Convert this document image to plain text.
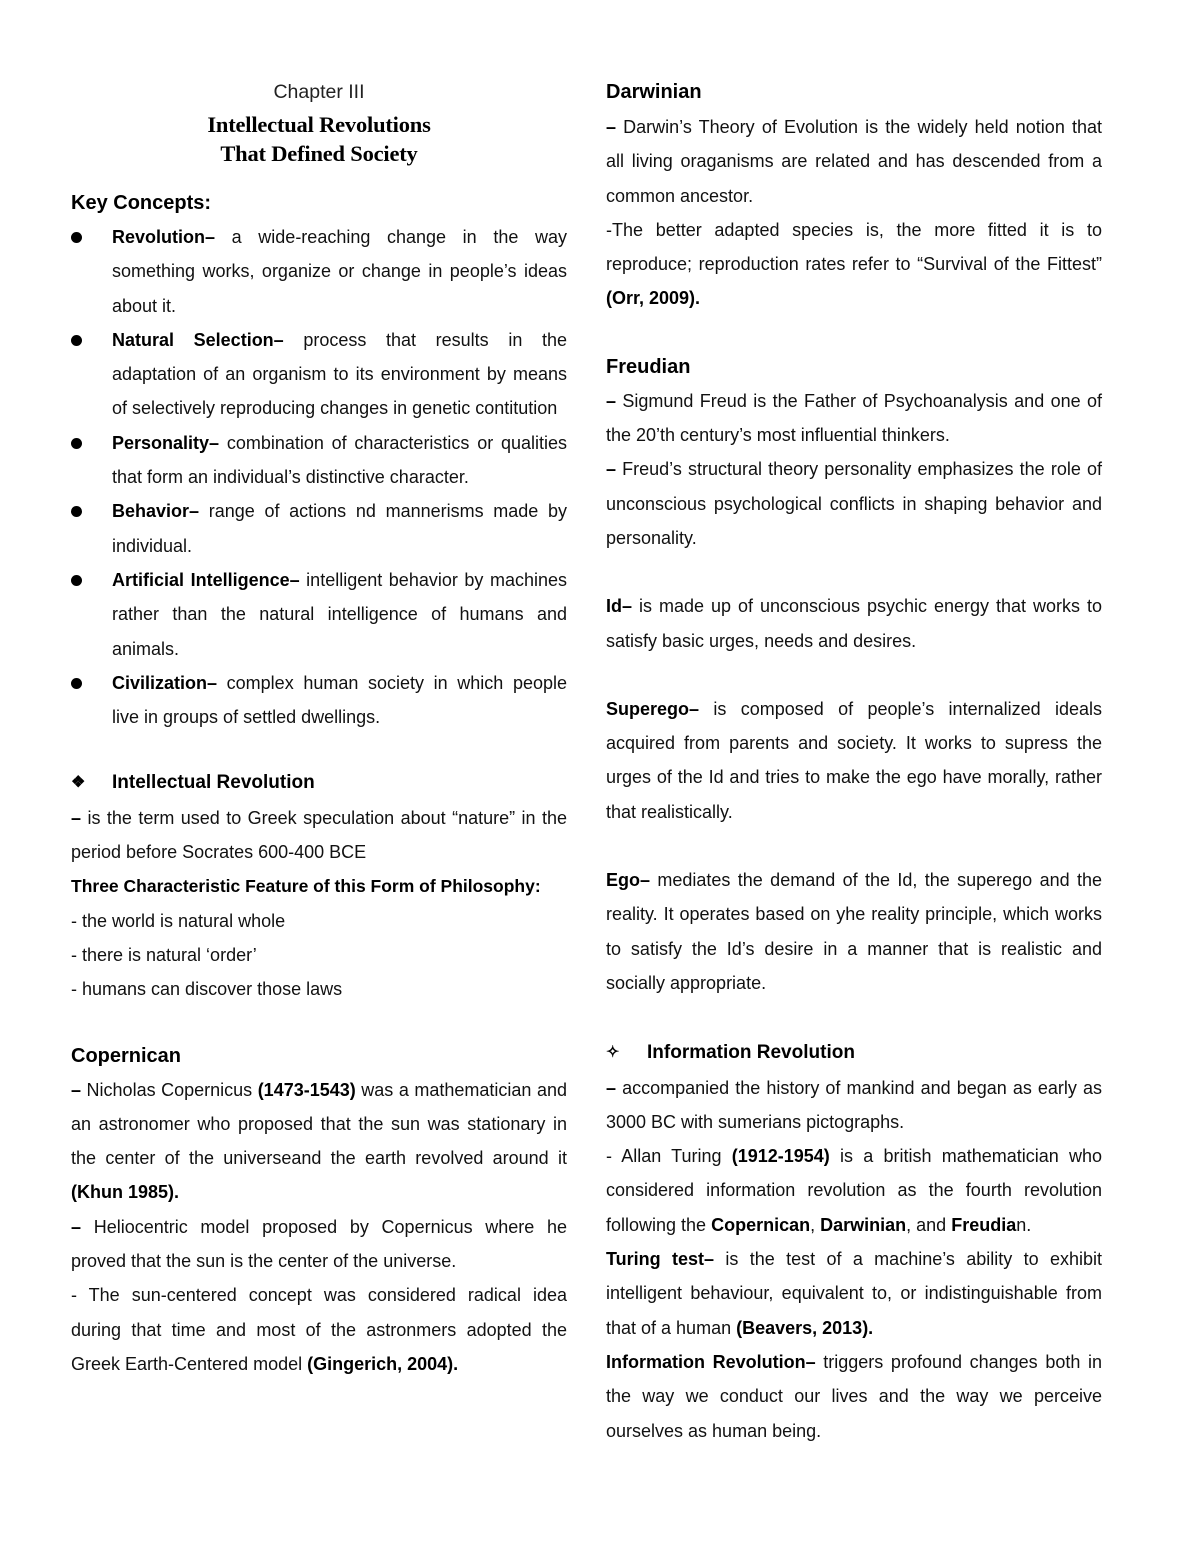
Chapter III
Intellectual Revolutions
That Defined Society
Key Concepts:
Revolution– a wide-reaching change in the way something works, organize or change in people’s ideas about it.
Natural Selection– process that results in the adaptation of an organism to its environment by means of selectively reproducing changes in genetic contitution
Personality– combination of characteristics or qualities that form an individual’s distinctive character.
Behavior– range of actions nd mannerisms made by individual.
Artificial Intelligence– intelligent behavior by machines rather than the natural intelligence of humans and animals.
Civilization– complex human society in which people live in groups of settled dwellings.
❖ Intellectual Revolution

– is the term used to Greek speculation about “nature” in the period before Socrates 600-400 BCE

Three Characteristic Feature of this Form of Philosophy:

- the world is natural whole

- there is natural ‘order’

- humans can discover those laws

Copernican

– Nicholas Copernicus (1473-1543) was a mathematician and an astronomer who proposed that the sun was stationary in the center of the universeand the earth revolved around it (Khun 1985).

– Heliocentric model proposed by Copernicus where he proved that the sun is the center of the universe.

- The sun-centered concept was considered radical idea during that time and most of the astronmers adopted the Greek Earth-Centered model (Gingerich, 2004).

Darwinian

– Darwin’s Theory of Evolution is the widely held notion that all living oraganisms are related and has descended from a common ancestor.

-The better adapted species is, the more fitted it is to reproduce; reproduction rates refer to “Survival of the Fittest” (Orr, 2009).

Freudian

– Sigmund Freud is the Father of Psychoanalysis and one of the 20’th century’s most influential thinkers.

– Freud’s structural theory personality emphasizes the role of unconscious psychological conflicts in shaping behavior and personality.

Id– is made up of unconscious psychic energy that works to satisfy basic urges, needs and desires.

Superego– is composed of people’s internalized ideals acquired from parents and society. It works to supress the urges of the Id and tries to make the ego have morally, rather that realistically.

Ego– mediates the demand of the Id, the superego and the reality. It operates based on yhe reality principle, which works to satisfy the Id’s desire in a manner that is realistic and socially appropriate.

✧ Information Revolution

– accompanied the history of mankind and began as early as 3000 BC with sumerians pictographs.

- Allan Turing (1912-1954) is a british mathematician who considered information revolution as the fourth revolution following the Copernican, Darwinian, and Freudian.

Turing test– is the test of a machine’s ability to exhibit intelligent behaviour, equivalent to, or indistinguishable from that of a human (Beavers, 2013).

Information Revolution– triggers profound changes both in the way we conduct our lives and the way we perceive ourselves as human being.
